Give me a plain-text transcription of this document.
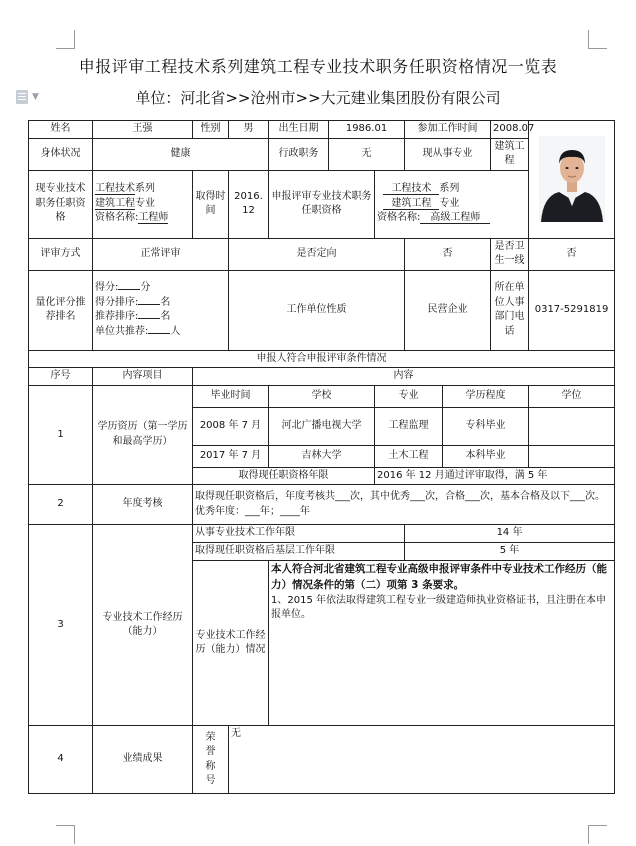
▼
申报评审工程技术系列建筑工程专业技术职务任职资格情况一览表
单位：河北省>>沧州市>>大元建业集团股份有限公司
姓名	王强	性别	男	出生日期	1986.01		参加工作时间		2008.07	

身体状况	健康			行政职务	无		现从事专业		建筑工程	
现专业技术职务任职资格	工程技术系列
建筑工程专业
资格名称:工程师	取得时间	2016. 12	申报评审专业技术职务任职资格		工程技术 系列
建筑工程 专业
资格名称: 高级工程师				
评审方式	正常评审		是否定向				否		是否卫生一线	否
量化评分推荐排名	得分: 分
得分排序: 名
推荐排序: 名
单位共推荐: 人		工作单位性质				民营企业		所在单位人事部门电话	0317-5291819
申报人符合申报评审条件情况										
序号	内容项目	内容								
1	学历资历（第一学历和最高学历）	毕业时间		学校		专业		学历程度		学位
		2008 年 7 月		河北广播电视大学		工程监理		专科毕业		
		2017 年 7 月		吉林大学		土木工程		本科毕业		
		取得现任职资格年限				2016 年 12 月通过评审取得，满 5 年				
2	年度考核	取得现任职资格后，年度考核共___次，其中优秀___次，合格___次，基本合格及以下___次。优秀年度：___年；____年								
3	专业技术工作经历（能力）	从事专业技术工作年限					14 年			
		取得现任职资格后基层工作年限					5 年			
		专业技术工作经历（能力）情况		本人符合河北省建筑工程专业高级申报评审条件中专业技术工作经历（能力）情况条件的第（二）项第 3 条要求。
1、2015 年依法取得建筑工程专业一级建造师执业资格证书，且注册在本申报单位。						

4	业绩成果	荣誉称号	无							
